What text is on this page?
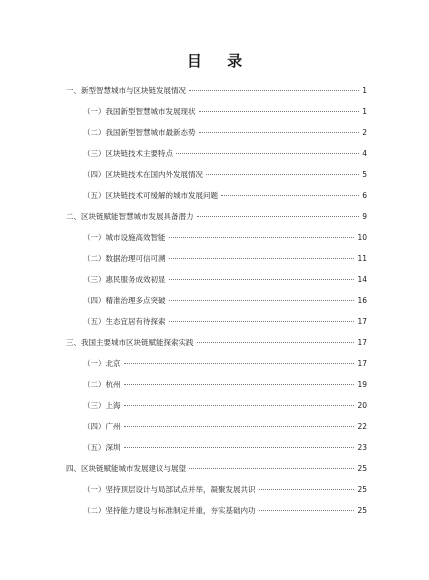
目 录
一、新型智慧城市与区块链发展情况	1
（一）我国新型智慧城市发展现状	1
（二）我国新型智慧城市最新态势	2
（三）区块链技术主要特点	4
（四）区块链技术在国内外发展情况	5
（五）区块链技术可缓解的城市发展问题	6
二、区块链赋能智慧城市发展具备潜力	9
（一）城市设施高效智能	10
（二）数据治理可信可溯	11
（三）惠民服务成效初显	14
（四）精准治理多点突破	16
（五）生态宜居有待探索	17
三、我国主要城市区块链赋能探索实践	17
（一）北京	17
（二）杭州	19
（三）上海	20
（四）广州	22
（五）深圳	23
四、区块链赋能城市发展建议与展望	25
（一）坚持顶层设计与局部试点并举，凝聚发展共识	25
（二）坚持能力建设与标准制定并重，夯实基础内功	25
